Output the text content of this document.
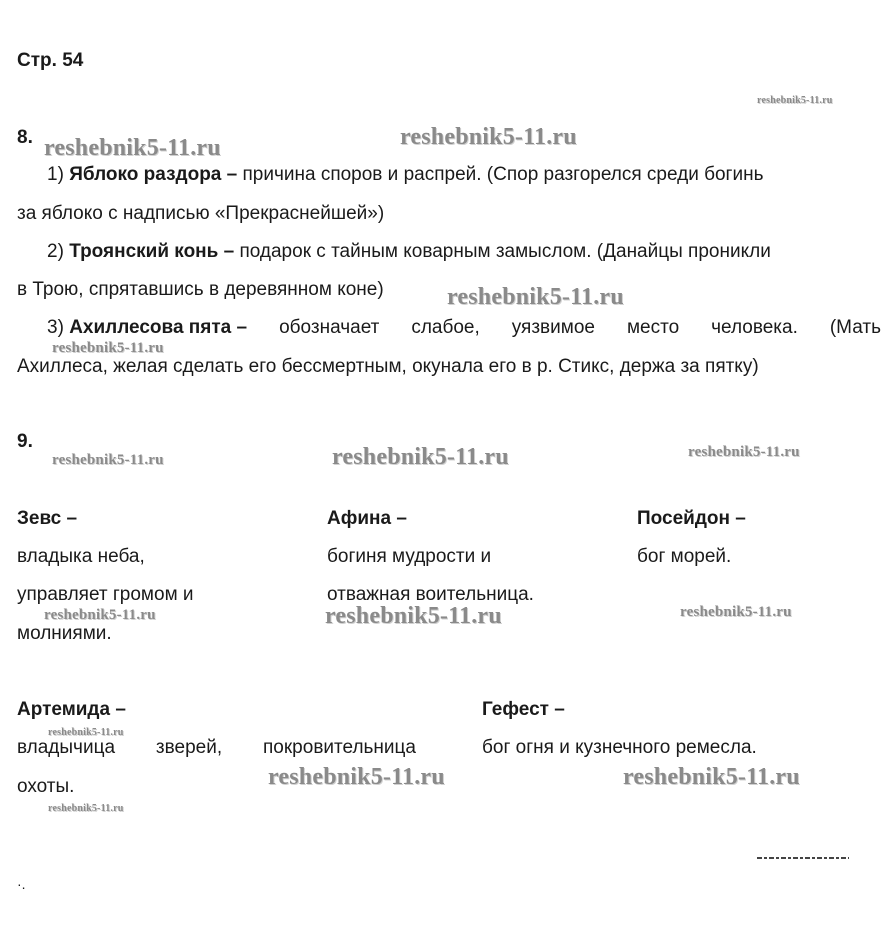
Стр. 54
8.
1) Яблоко раздора – причина споров и распрей. (Спор разгорелся среди богинь
за яблоко с надписью «Прекраснейшей»)
2) Троянский конь – подарок с тайным коварным замыслом. (Данайцы проникли
в Трою, спрятавшись в деревянном коне)
3) Ахиллесова пята – обозначает слабое, уязвимое место человека. (Мать
Ахиллеса, желая сделать его бессмертным, окунала его в р. Стикс, держа за пятку)
9.
Зевс –
владыка неба,
управляет громом и
молниями.
Афина –
богиня мудрости и
отважная воительница.
Посейдон –
бог морей.
Артемида –
владычица зверей, покровительница
охоты.
Гефест –
бог огня и кузнечного ремесла.
·.
reshebnik5-11.ru
reshebnik5-11.ru	reshebnik5-11.ru
reshebnik5-11.ru
reshebnik5-11.ru
reshebnik5-11.ru	reshebnik5-11.ru	reshebnik5-11.ru
reshebnik5-11.ru	reshebnik5-11.ru	reshebnik5-11.ru
reshebnik5-11.ru
reshebnik5-11.ru	reshebnik5-11.ru
reshebnik5-11.ru
